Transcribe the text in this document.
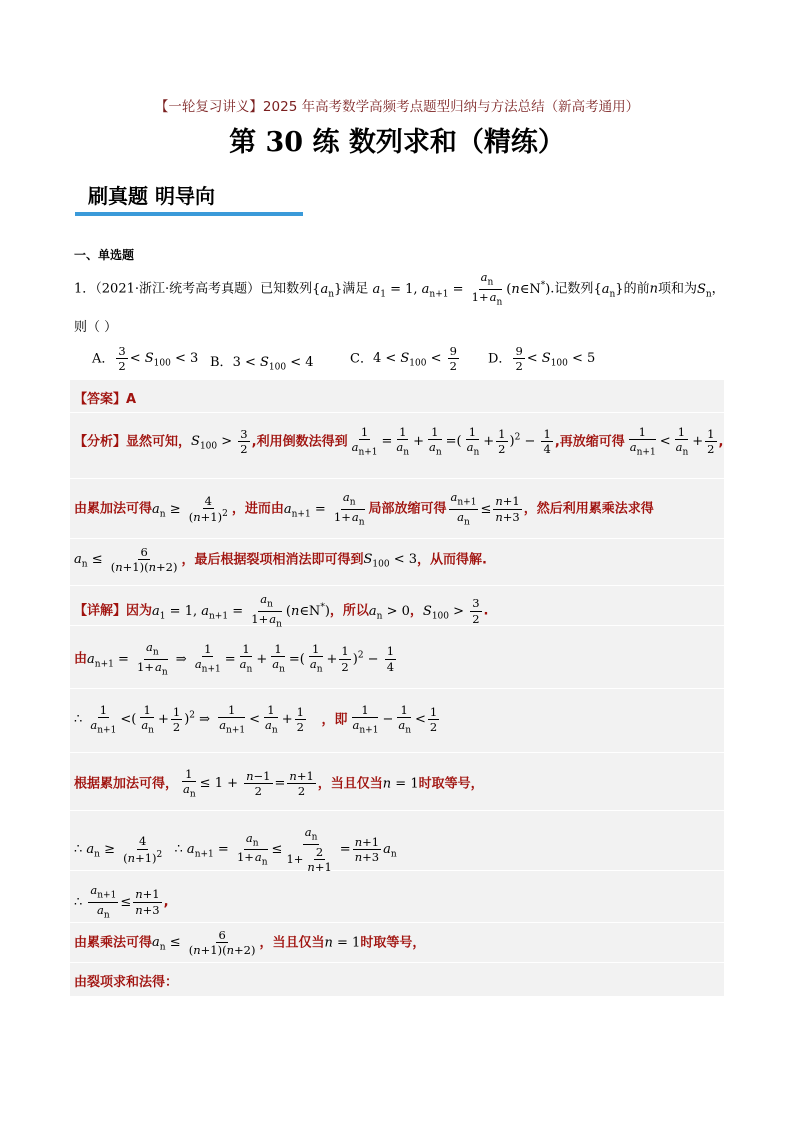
【一轮复习讲义】2025 年高考数学高频考点题型归纳与方法总结（新高考通用）
第 30 练 数列求和（精练）
刷真题 明导向
一、单选题
1．（2021·浙江·统考高考真题）已知数列$\{a_n\}$满足 $a_1 = 1$, $a_{n+1} = \frac{a_n}{1+a_n}$ (n∈N*).记数列$\{a_n\}$的前n项和为$S_n$，
则（ ）
A． $\frac{3}{2} < S_{100} < 3$ B．$3 < S_{100} < 4$	C．$4 < S_{100} < \frac{9}{2}$ D． $\frac{9}{2} < S_{100} < 5$
【答案】A
【分析】显然可知，$S_{100} > \frac{3}{2}$ ,利用倒数法得到 $\frac{1}{a_{n+1}} = \frac{1}{a_n} + \frac{1}{a_n}$ =( $\frac{1}{a_n} + \frac{1}{2} )^2 - \frac{1}{4}$ ,再放缩可得 $\frac{1}{a_{n+1}} < \frac{1}{a_n} + \frac{1}{2}$ ,
由累加法可得$a_n \ge \frac{4}{(n+1)^2}$ ，进而由$a_{n+1} = \frac{a_n}{1+a_n}$ 局部放缩可得 $\frac{a_{n+1}}{a_n} \le \frac{n+1}{n+3}$ ，然后利用累乘法求得
$a_n \le \frac{6}{(n+1)(n+2)}$ ，最后根据裂项相消法即可得到$S_{100} < 3$，从而得解.
【详解】因为$a_1 = 1$, $a_{n+1} = \frac{a_n}{1+a_n}$ (n∈N*)，所以$a_n > 0$，$S_{100} > \frac{3}{2}$ .
由$a_{n+1} = \frac{a_n}{1+a_n}$ ⇒ $\frac{1}{a_{n+1}} = \frac{1}{a_n} + \frac{1}{a_n}$ =( $\frac{1}{a_n} + \frac{1}{2} )^2 - \frac{1}{4}$
∴ $\frac{1}{a_{n+1}}$ <( $\frac{1}{a_n} + \frac{1}{2} )^2$ ⇒ $\frac{1}{a_{n+1}} < \frac{1}{a_n} + \frac{1}{2}$ ，即 $\frac{1}{a_{n+1}} - \frac{1}{a_n} < \frac{1}{2}$
根据累加法可得， $\frac{1}{a_n} \le 1 + \frac{n-1}{2} = \frac{n+1}{2}$ ，当且仅当n = 1时取等号，
∴ $a_n \ge \frac{4}{(n+1)^2}$ ∴ $a_{n+1} = \frac{a_n}{1+a_n} \le \frac{a_n}{1+ \frac{2}{n+1}} = \frac{n+1}{n+3} a_n$
∴ $\frac{a_{n+1}}{a_n} \le \frac{n+1}{n+3}$ ,
由累乘法可得$a_n \le \frac{6}{(n+1)(n+2)}$ ，当且仅当n = 1时取等号，
由裂项求和法得：
